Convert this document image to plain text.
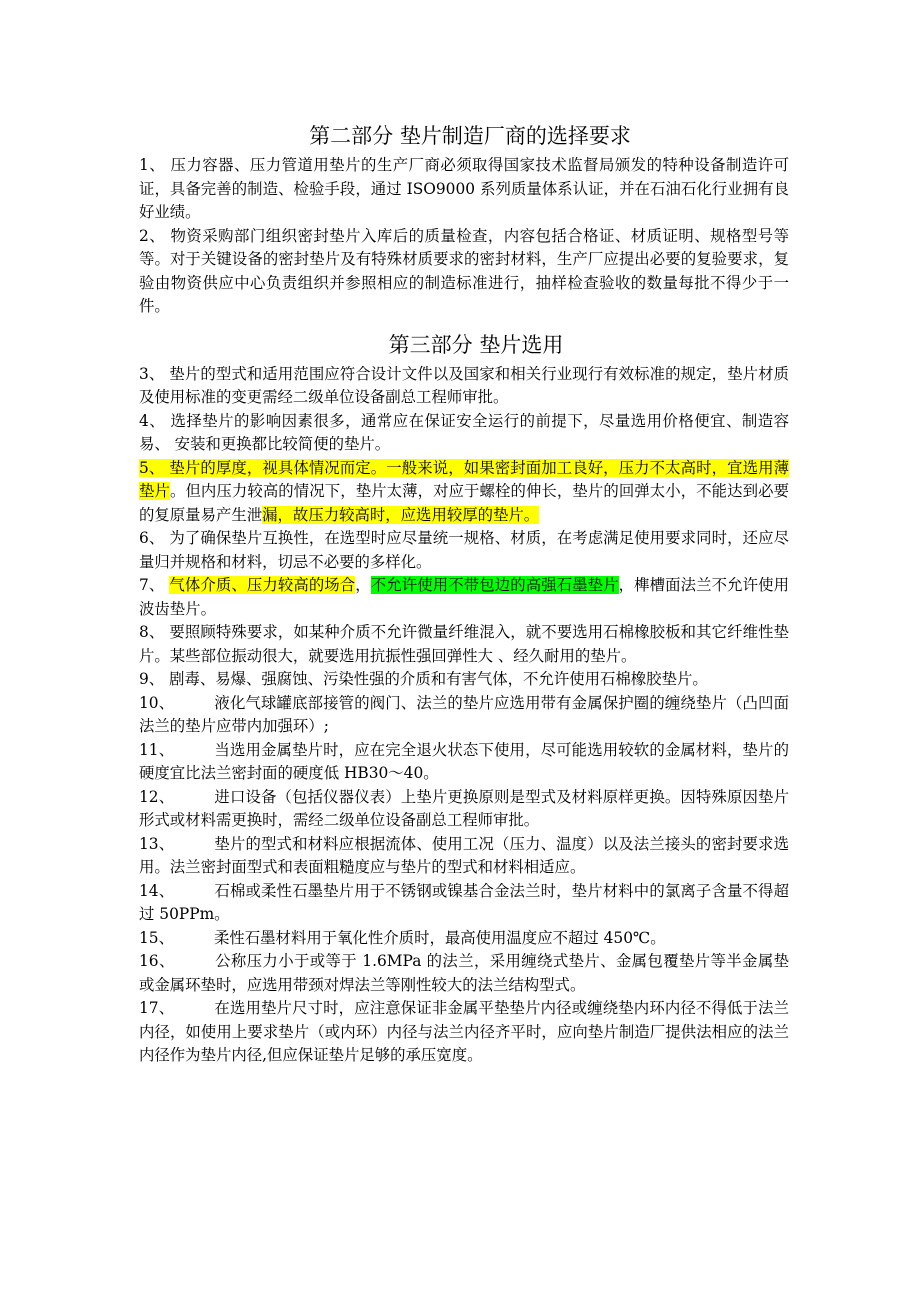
第二部分 垫片制造厂商的选择要求

1、 压力容器、压力管道用垫片的生产厂商必须取得国家技术监督局颁发的特种设备制造许可证，具备完善的制造、检验手段，通过 ISO9000 系列质量体系认证，并在石油石化行业拥有良好业绩。

2、 物资采购部门组织密封垫片入库后的质量检查，内容包括合格证、材质证明、规格型号等等。对于关键设备的密封垫片及有特殊材质要求的密封材料，生产厂应提出必要的复验要求，复验由物资供应中心负责组织并参照相应的制造标准进行，抽样检查验收的数量每批不得少于一件。

第三部分 垫片选用

3、 垫片的型式和适用范围应符合设计文件以及国家和相关行业现行有效标准的规定，垫片材质及使用标准的变更需经二级单位设备副总工程师审批。

4、 选择垫片的影响因素很多，通常应在保证安全运行的前提下，尽量选用价格便宜、制造容易、 安装和更换都比较简便的垫片。

5、 垫片的厚度，视具体情况而定。一般来说，如果密封面加工良好，压力不太高时，宜选用薄垫片。但内压力较高的情况下，垫片太薄，对应于螺栓的伸长，垫片的回弹太小，不能达到必要的复原量易产生泄漏，故压力较高时，应选用较厚的垫片。

6、 为了确保垫片互换性，在选型时应尽量统一规格、材质，在考虑满足使用要求同时，还应尽量归并规格和材料，切忌不必要的多样化。

7、 气体介质、压力较高的场合，不允许使用不带包边的高强石墨垫片，榫槽面法兰不允许使用波齿垫片。

8、 要照顾特殊要求，如某种介质不允许微量纤维混入，就不要选用石棉橡胶板和其它纤维性垫片。某些部位振动很大，就要选用抗振性强回弹性大 、经久耐用的垫片。

9、 剧毒、易爆、强腐蚀、污染性强的介质和有害气体，不允许使用石棉橡胶垫片。

10、	液化气球罐底部接管的阀门、法兰的垫片应选用带有金属保护圈的缠绕垫片（凸凹面法兰的垫片应带内加强环）;

11、	当选用金属垫片时，应在完全退火状态下使用，尽可能选用较软的金属材料，垫片的硬度宜比法兰密封面的硬度低 HB30～40。

12、	进口设备（包括仪器仪表）上垫片更换原则是型式及材料原样更换。因特殊原因垫片形式或材料需更换时，需经二级单位设备副总工程师审批。

13、	垫片的型式和材料应根据流体、使用工况（压力、温度）以及法兰接头的密封要求选用。法兰密封面型式和表面粗糙度应与垫片的型式和材料相适应。

14、	石棉或柔性石墨垫片用于不锈钢或镍基合金法兰时，垫片材料中的氯离子含量不得超过 50PPm。

15、	柔性石墨材料用于氧化性介质时，最高使用温度应不超过 450℃。

16、	公称压力小于或等于 1.6MPa 的法兰，采用缠绕式垫片、金属包覆垫片等半金属垫或金属环垫时，应选用带颈对焊法兰等刚性较大的法兰结构型式。

17、	在选用垫片尺寸时，应注意保证非金属平垫垫片内径或缠绕垫内环内径不得低于法兰内径，如使用上要求垫片（或内环）内径与法兰内径齐平时，应向垫片制造厂提供法相应的法兰内径作为垫片内径,但应保证垫片足够的承压宽度。
